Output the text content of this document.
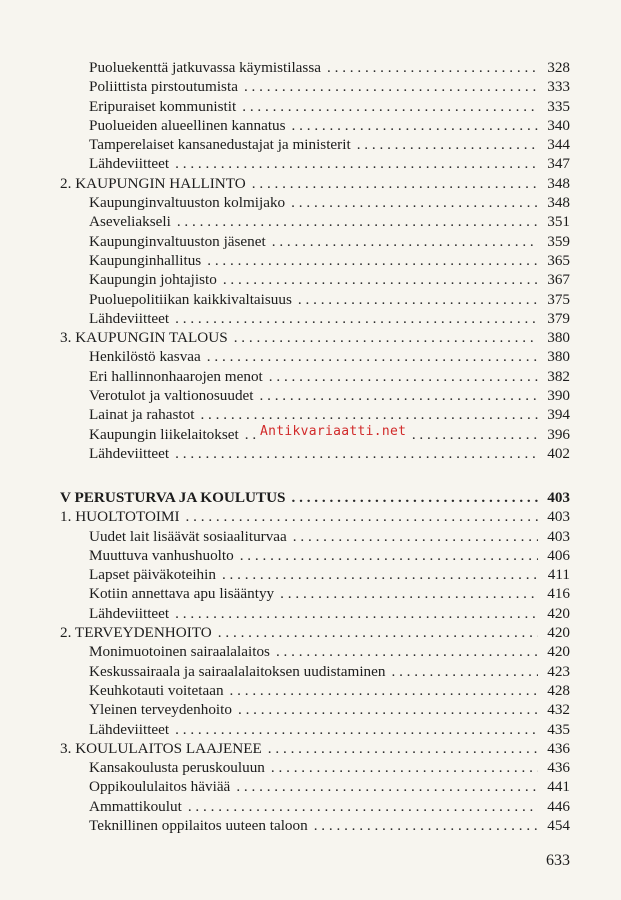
Puoluekenttä jatkuvassa käymistilassa . . .	328
Poliittista pirstoutumista . . .	333
Eripuraiset kommunistit . . .	335
Puolueiden alueellinen kannatus . . .	340
Tamperelaiset kansanedustajat ja ministerit . . .	344
Lähdeviitteet . . .	347
2. KAUPUNGIN HALLINTO . . .	348
Kaupunginvaltuuston kolmijako . . .	348
Aseveliakseli . . .	351
Kaupunginvaltuuston jäsenet . . .	359
Kaupunginhallitus . . .	365
Kaupungin johtajisto . . .	367
Puoluepolitiikan kaikkivaltaisuus . . .	375
Lähdeviitteet . . .	379
3. KAUPUNGIN TALOUS . . .	380
Henkilöstö kasvaa . . .	380
Eri hallinnonhaarojen menot . . .	382
Verotulot ja valtionosuudet . . .	390
Lainat ja rahastot . . .	394
Kaupungin liikelaitokset . . .	396
Lähdeviitteet . . .	402
V PERUSTURVA JA KOULUTUS . . .	403
1. HUOLTOTOIMI . . .	403
Uudet lait lisäävät sosiaaliturvaa . . .	403
Muuttuva vanhushuolto . . .	406
Lapset päiväkoteihin . . .	411
Kotiin annettava apu lisääntyy . . .	416
Lähdeviitteet . . .	420
2. TERVEYDENHOITO . . .	420
Monimuotoinen sairaalalaitos . . .	420
Keskussairaala ja sairaalalaitoksen uudistaminen . . .	423
Keuhkotauti voitetaan . . .	428
Yleinen terveydenhoito . . .	432
Lähdeviitteet . . .	435
3. KOULULAITOS LAAJENEE . . .	436
Kansakoulusta peruskouluun . . .	436
Oppikoululaitos häviää . . .	441
Ammattikoulut . . .	446
Teknillinen oppilaitos uuteen taloon . . .	454
Antikvariaatti.net
633
